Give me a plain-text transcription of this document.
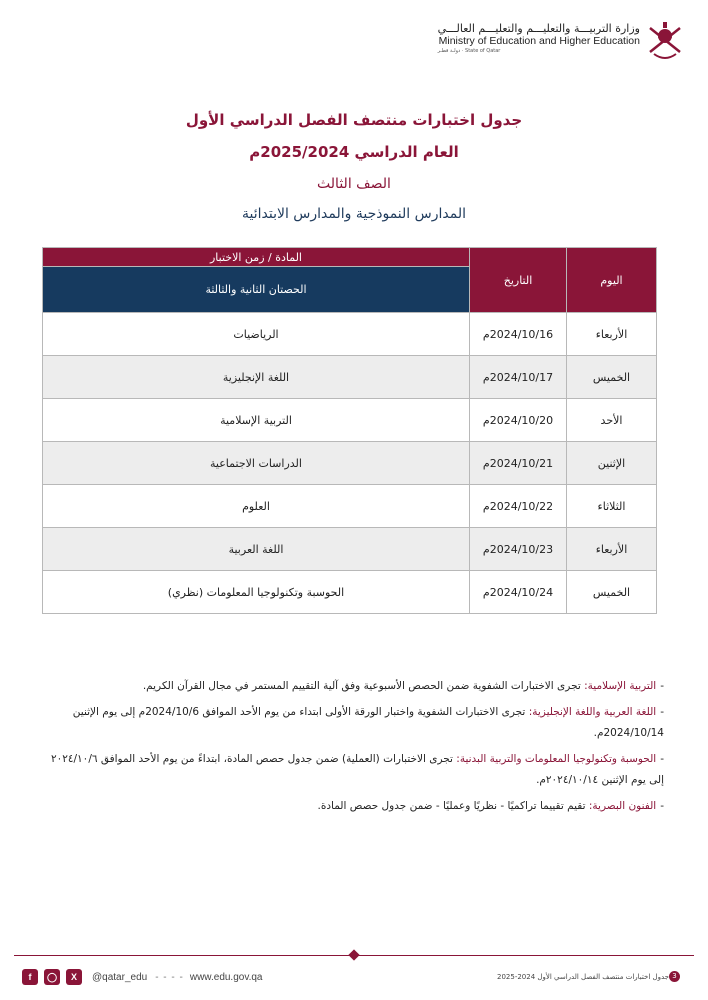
وزارة التربيـــة والتعليـــم والتعليـــم العالـــي
Ministry of Education and Higher Education
State of Qatar · دولـة قطـر
جدول اختبارات منتصف الفصل الدراسي الأول
العام الدراسي 2025/2024م
الصف الثالث
المدارس النموذجية والمدارس الابتدائية
اليوم	التاريخ	المادة / زمن الاختبار
		الحصتان الثانية والثالثة
الأربعاء	2024/10/16م	الرياضيات
الخميس	2024/10/17م	اللغة الإنجليزية
الأحد	2024/10/20م	التربية الإسلامية
الإثنين	2024/10/21م	الدراسات الاجتماعية
الثلاثاء	2024/10/22م	العلوم
الأربعاء	2024/10/23م	اللغة العربية
الخميس	2024/10/24م	الحوسبة وتكنولوجيا المعلومات (نظري)
-التربية الإسلامية: تجرى الاختبارات الشفوية ضمن الحصص الأسبوعية وفق آلية التقييم المستمر في مجال القرآن الكريم.
-اللغة العربية واللغة الإنجليزية: تجرى الاختبارات الشفوية واختبار الورقة الأولى ابتداء من يوم الأحد الموافق 2024/10/6م إلى يوم الإثنين 2024/10/14م.
-الحوسبة وتكنولوجيا المعلومات والتربية البدنية: تجرى الاختبارات (العملية) ضمن جدول حصص المادة، ابتداءً من يوم الأحد الموافق ٢٠٢٤/١٠/٦ إلى يوم الإثنين ٢٠٢٤/١٠/١٤م.
-الفنون البصرية: تقيم تقييما تراكميًا - نظريًا وعمليًا - ضمن جدول حصص المادة.
f	◯	X	@qatar_edu - - - - www.edu.gov.qa	3
جدول اختبارات منتصف الفصل الدراسي الأول 2024-2025
